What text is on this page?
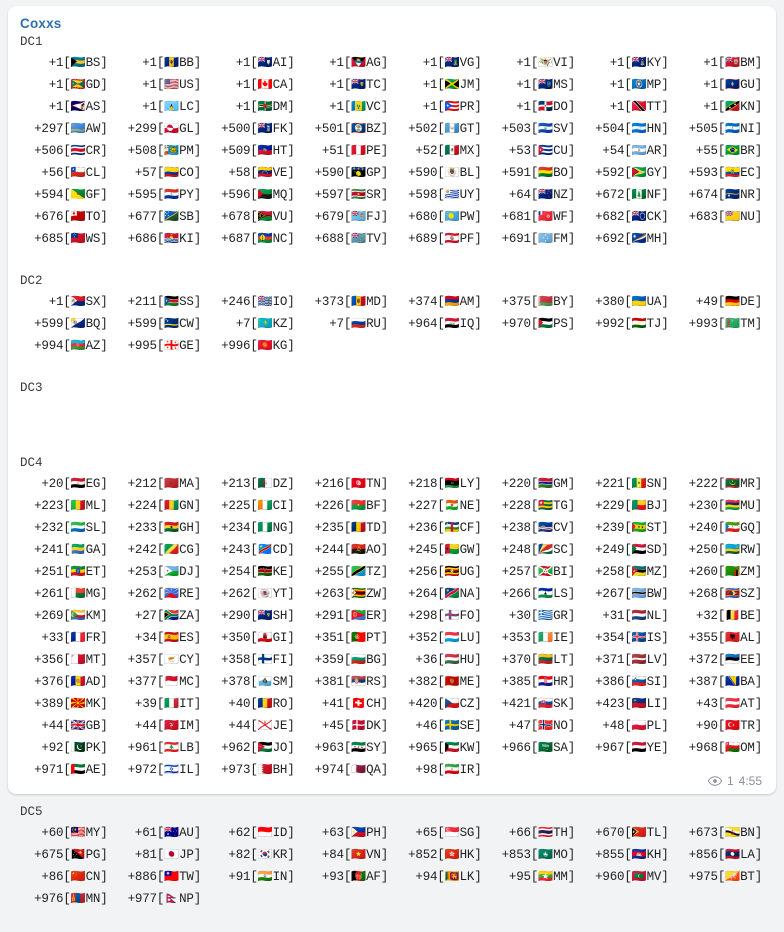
Coxxs
DC1
+1[🇧🇸BS]	+1[🇧🇧BB]	+1[🇦🇮AI]	+1[🇦🇬AG]	+1[🇻🇬VG]	+1[🇻🇮VI]	+1[🇰🇾KY]	+1[🇧🇲BM]
+1[🇬🇩GD]	+1[🇺🇸US]	+1[🇨🇦CA]	+1[🇹🇨TC]	+1[🇯🇲JM]	+1[🇲🇸MS]	+1[🇲🇵MP]	+1[🇬🇺GU]
+1[🇦🇸AS]	+1[🇱🇨LC]	+1[🇩🇲DM]	+1[🇻🇨VC]	+1[🇵🇷PR]	+1[🇩🇴DO]	+1[🇹🇹TT]	+1[🇰🇳KN]
+297[🇦🇼AW]	+299[🇬🇱GL]	+500[🇫🇰FK]	+501[🇧🇿BZ]	+502[🇬🇹GT]	+503[🇸🇻SV]	+504[🇭🇳HN]	+505[🇳🇮NI]
+506[🇨🇷CR]	+508[🇵🇲PM]	+509[🇭🇹HT]	+51[🇵🇪PE]	+52[🇲🇽MX]	+53[🇨🇺CU]	+54[🇦🇷AR]	+55[🇧🇷BR]
+56[🇨🇱CL]	+57[🇨🇴CO]	+58[🇻🇪VE]	+590[🇬🇵GP]	+590[🇧🇱BL]	+591[🇧🇴BO]	+592[🇬🇾GY]	+593[🇪🇨EC]
+594[🇬🇫GF]	+595[🇵🇾PY]	+596[🇲🇶MQ]	+597[🇸🇷SR]	+598[🇺🇾UY]	+64[🇳🇿NZ]	+672[🇳🇫NF]	+674[🇳🇷NR]
+676[🇹🇴TO]	+677[🇸🇧SB]	+678[🇻🇺VU]	+679[🇫🇯FJ]	+680[🇵🇼PW]	+681[🇼🇫WF]	+682[🇨🇰CK]	+683[🇳🇺NU]
+685[🇼🇸WS]	+686[🇰🇮KI]	+687[🇳🇨NC]	+688[🇹🇻TV]	+689[🇵🇫PF]	+691[🇫🇲FM]	+692[🇲🇭MH]
DC2
+1[🇸🇽SX]	+211[🇸🇸SS]	+246[🇮🇴IO]	+373[🇲🇩MD]	+374[🇦🇲AM]	+375[🇧🇾BY]	+380[🇺🇦UA]	+49[🇩🇪DE]
+599[🇧🇶BQ]	+599[🇨🇼CW]	+7[🇰🇿KZ]	+7[🇷🇺RU]	+964[🇮🇶IQ]	+970[🇵🇸PS]	+992[🇹🇯TJ]	+993[🇹🇲TM]
+994[🇦🇿AZ]	+995[🇬🇪GE]	+996[🇰🇬KG]
DC3
DC4
+20[🇪🇬EG]	+212[🇲🇦MA]	+213[🇩🇿DZ]	+216[🇹🇳TN]	+218[🇱🇾LY]	+220[🇬🇲GM]	+221[🇸🇳SN]	+222[🇲🇷MR]
+223[🇲🇱ML]	+224[🇬🇳GN]	+225[🇨🇮CI]	+226[🇧🇫BF]	+227[🇳🇪NE]	+228[🇹🇬TG]	+229[🇧🇯BJ]	+230[🇲🇺MU]
+232[🇸🇱SL]	+233[🇬🇭GH]	+234[🇳🇬NG]	+235[🇹🇩TD]	+236[🇨🇫CF]	+238[🇨🇻CV]	+239[🇸🇹ST]	+240[🇬🇶GQ]
+241[🇬🇦GA]	+242[🇨🇬CG]	+243[🇨🇩CD]	+244[🇦🇴AO]	+245[🇬🇼GW]	+248[🇸🇨SC]	+249[🇸🇩SD]	+250[🇷🇼RW]
+251[🇪🇹ET]	+253[🇩🇯DJ]	+254[🇰🇪KE]	+255[🇹🇿TZ]	+256[🇺🇬UG]	+257[🇧🇮BI]	+258[🇲🇿MZ]	+260[🇿🇲ZM]
+261[🇲🇬MG]	+262[🇷🇪RE]	+262[🇾🇹YT]	+263[🇿🇼ZW]	+264[🇳🇦NA]	+266[🇱🇸LS]	+267[🇧🇼BW]	+268[🇸🇿SZ]
+269[🇰🇲KM]	+27[🇿🇦ZA]	+290[🇸🇭SH]	+291[🇪🇷ER]	+298[🇫🇴FO]	+30[🇬🇷GR]	+31[🇳🇱NL]	+32[🇧🇪BE]
+33[🇫🇷FR]	+34[🇪🇸ES]	+350[🇬🇮GI]	+351[🇵🇹PT]	+352[🇱🇺LU]	+353[🇮🇪IE]	+354[🇮🇸IS]	+355[🇦🇱AL]
+356[🇲🇹MT]	+357[🇨🇾CY]	+358[🇫🇮FI]	+359[🇧🇬BG]	+36[🇭🇺HU]	+370[🇱🇹LT]	+371[🇱🇻LV]	+372[🇪🇪EE]
+376[🇦🇩AD]	+377[🇲🇨MC]	+378[🇸🇲SM]	+381[🇷🇸RS]	+382[🇲🇪ME]	+385[🇭🇷HR]	+386[🇸🇮SI]	+387[🇧🇦BA]
+389[🇲🇰MK]	+39[🇮🇹IT]	+40[🇷🇴RO]	+41[🇨🇭CH]	+420[🇨🇿CZ]	+421[🇸🇰SK]	+423[🇱🇮LI]	+43[🇦🇹AT]
+44[🇬🇧GB]	+44[🇮🇲IM]	+44[🇯🇪JE]	+45[🇩🇰DK]	+46[🇸🇪SE]	+47[🇳🇴NO]	+48[🇵🇱PL]	+90[🇹🇷TR]
+92[🇵🇰PK]	+961[🇱🇧LB]	+962[🇯🇴JO]	+963[🇸🇾SY]	+965[🇰🇼KW]	+966[🇸🇦SA]	+967[🇾🇪YE]	+968[🇴🇲OM]
+971[🇦🇪AE]	+972[🇮🇱IL]	+973[🇧🇭BH]	+974[🇶🇦QA]	+98[🇮🇷IR]
DC5
+60[🇲🇾MY]	+61[🇦🇺AU]	+62[🇮🇩ID]	+63[🇵🇭PH]	+65[🇸🇬SG]	+66[🇹🇭TH]	+670[🇹🇱TL]	+673[🇧🇳BN]
+675[🇵🇬PG]	+81[🇯🇵JP]	+82[🇰🇷KR]	+84[🇻🇳VN]	+852[🇭🇰HK]	+853[🇲🇴MO]	+855[🇰🇭KH]	+856[🇱🇦LA]
+86[🇨🇳CN]	+886[🇹🇼TW]	+91[🇮🇳IN]	+93[🇦🇫AF]	+94[🇱🇰LK]	+95[🇲🇲MM]	+960[🇲🇻MV]	+975[🇧🇹BT]
+976[🇲🇳MN]	+977[🇳🇵NP]
1 4:55
